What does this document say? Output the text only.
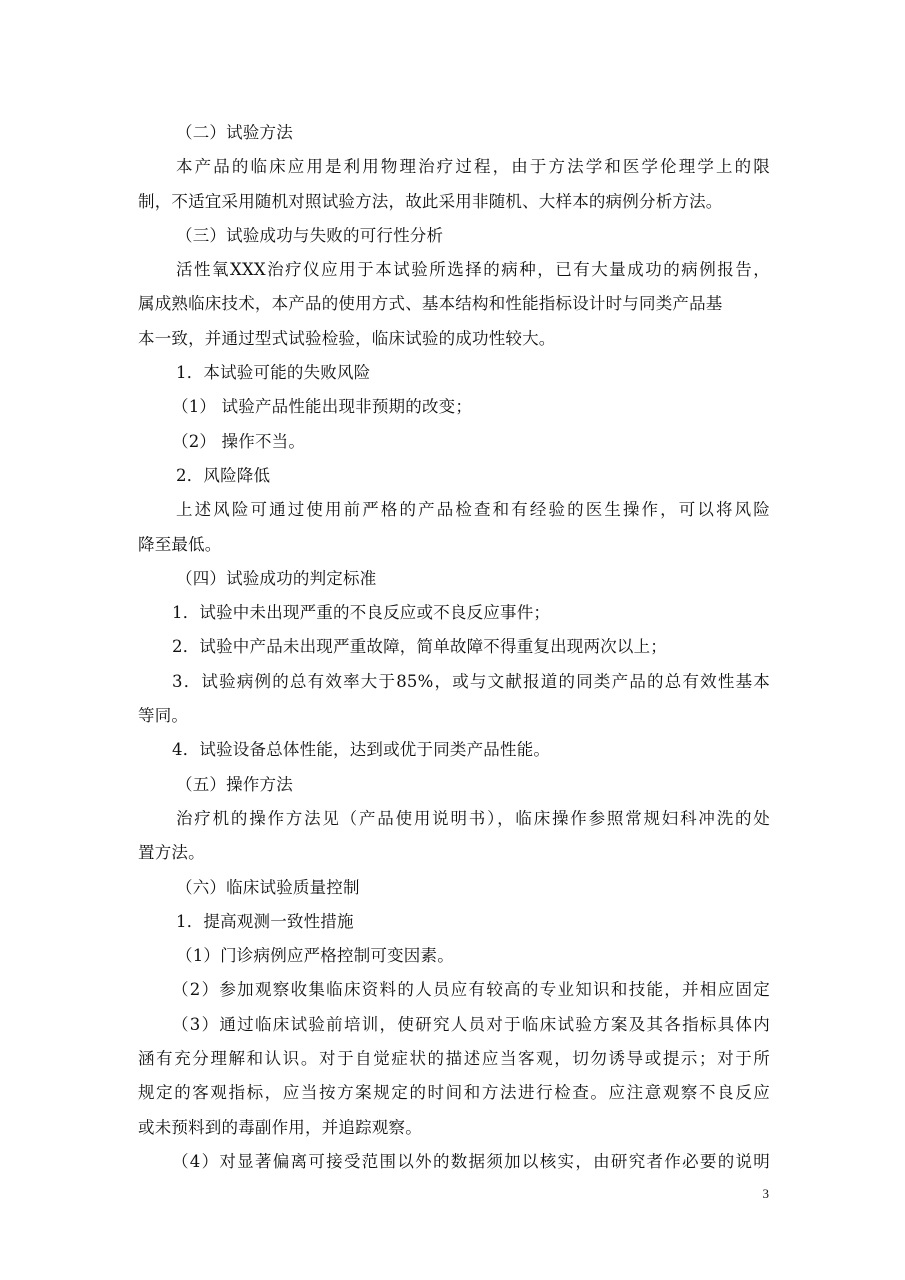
（二）试验方法
本产品的临床应用是利用物理治疗过程，由于方法学和医学伦理学上的限
制，不适宜采用随机对照试验方法，故此采用非随机、大样本的病例分析方法。
（三）试验成功与失败的可行性分析
活性氧XXX治疗仪应用于本试验所选择的病种，已有大量成功的病例报告，
属成熟临床技术，本产品的使用方式、基本结构和性能指标设计时与同类产品基
本一致，并通过型式试验检验，临床试验的成功性较大。
1．本试验可能的失败风险
（1） 试验产品性能出现非预期的改变；
（2） 操作不当。
2．风险降低
上述风险可通过使用前严格的产品检查和有经验的医生操作，可以将风险
降至最低。
（四）试验成功的判定标准
1．试验中未出现严重的不良反应或不良反应事件；
2．试验中产品未出现严重故障，简单故障不得重复出现两次以上；
3．试验病例的总有效率大于85%，或与文献报道的同类产品的总有效性基本
等同。
4．试验设备总体性能，达到或优于同类产品性能。
（五）操作方法
治疗机的操作方法见（产品使用说明书），临床操作参照常规妇科冲洗的处
置方法。
（六）临床试验质量控制
1．提高观测一致性措施
（1）门诊病例应严格控制可变因素。
（2）参加观察收集临床资料的人员应有较高的专业知识和技能，并相应固定
（3）通过临床试验前培训，使研究人员对于临床试验方案及其各指标具体内
涵有充分理解和认识。对于自觉症状的描述应当客观，切勿诱导或提示；对于所
规定的客观指标，应当按方案规定的时间和方法进行检查。应注意观察不良反应
或未预料到的毒副作用，并追踪观察。
（4）对显著偏离可接受范围以外的数据须加以核实，由研究者作必要的说明
3
